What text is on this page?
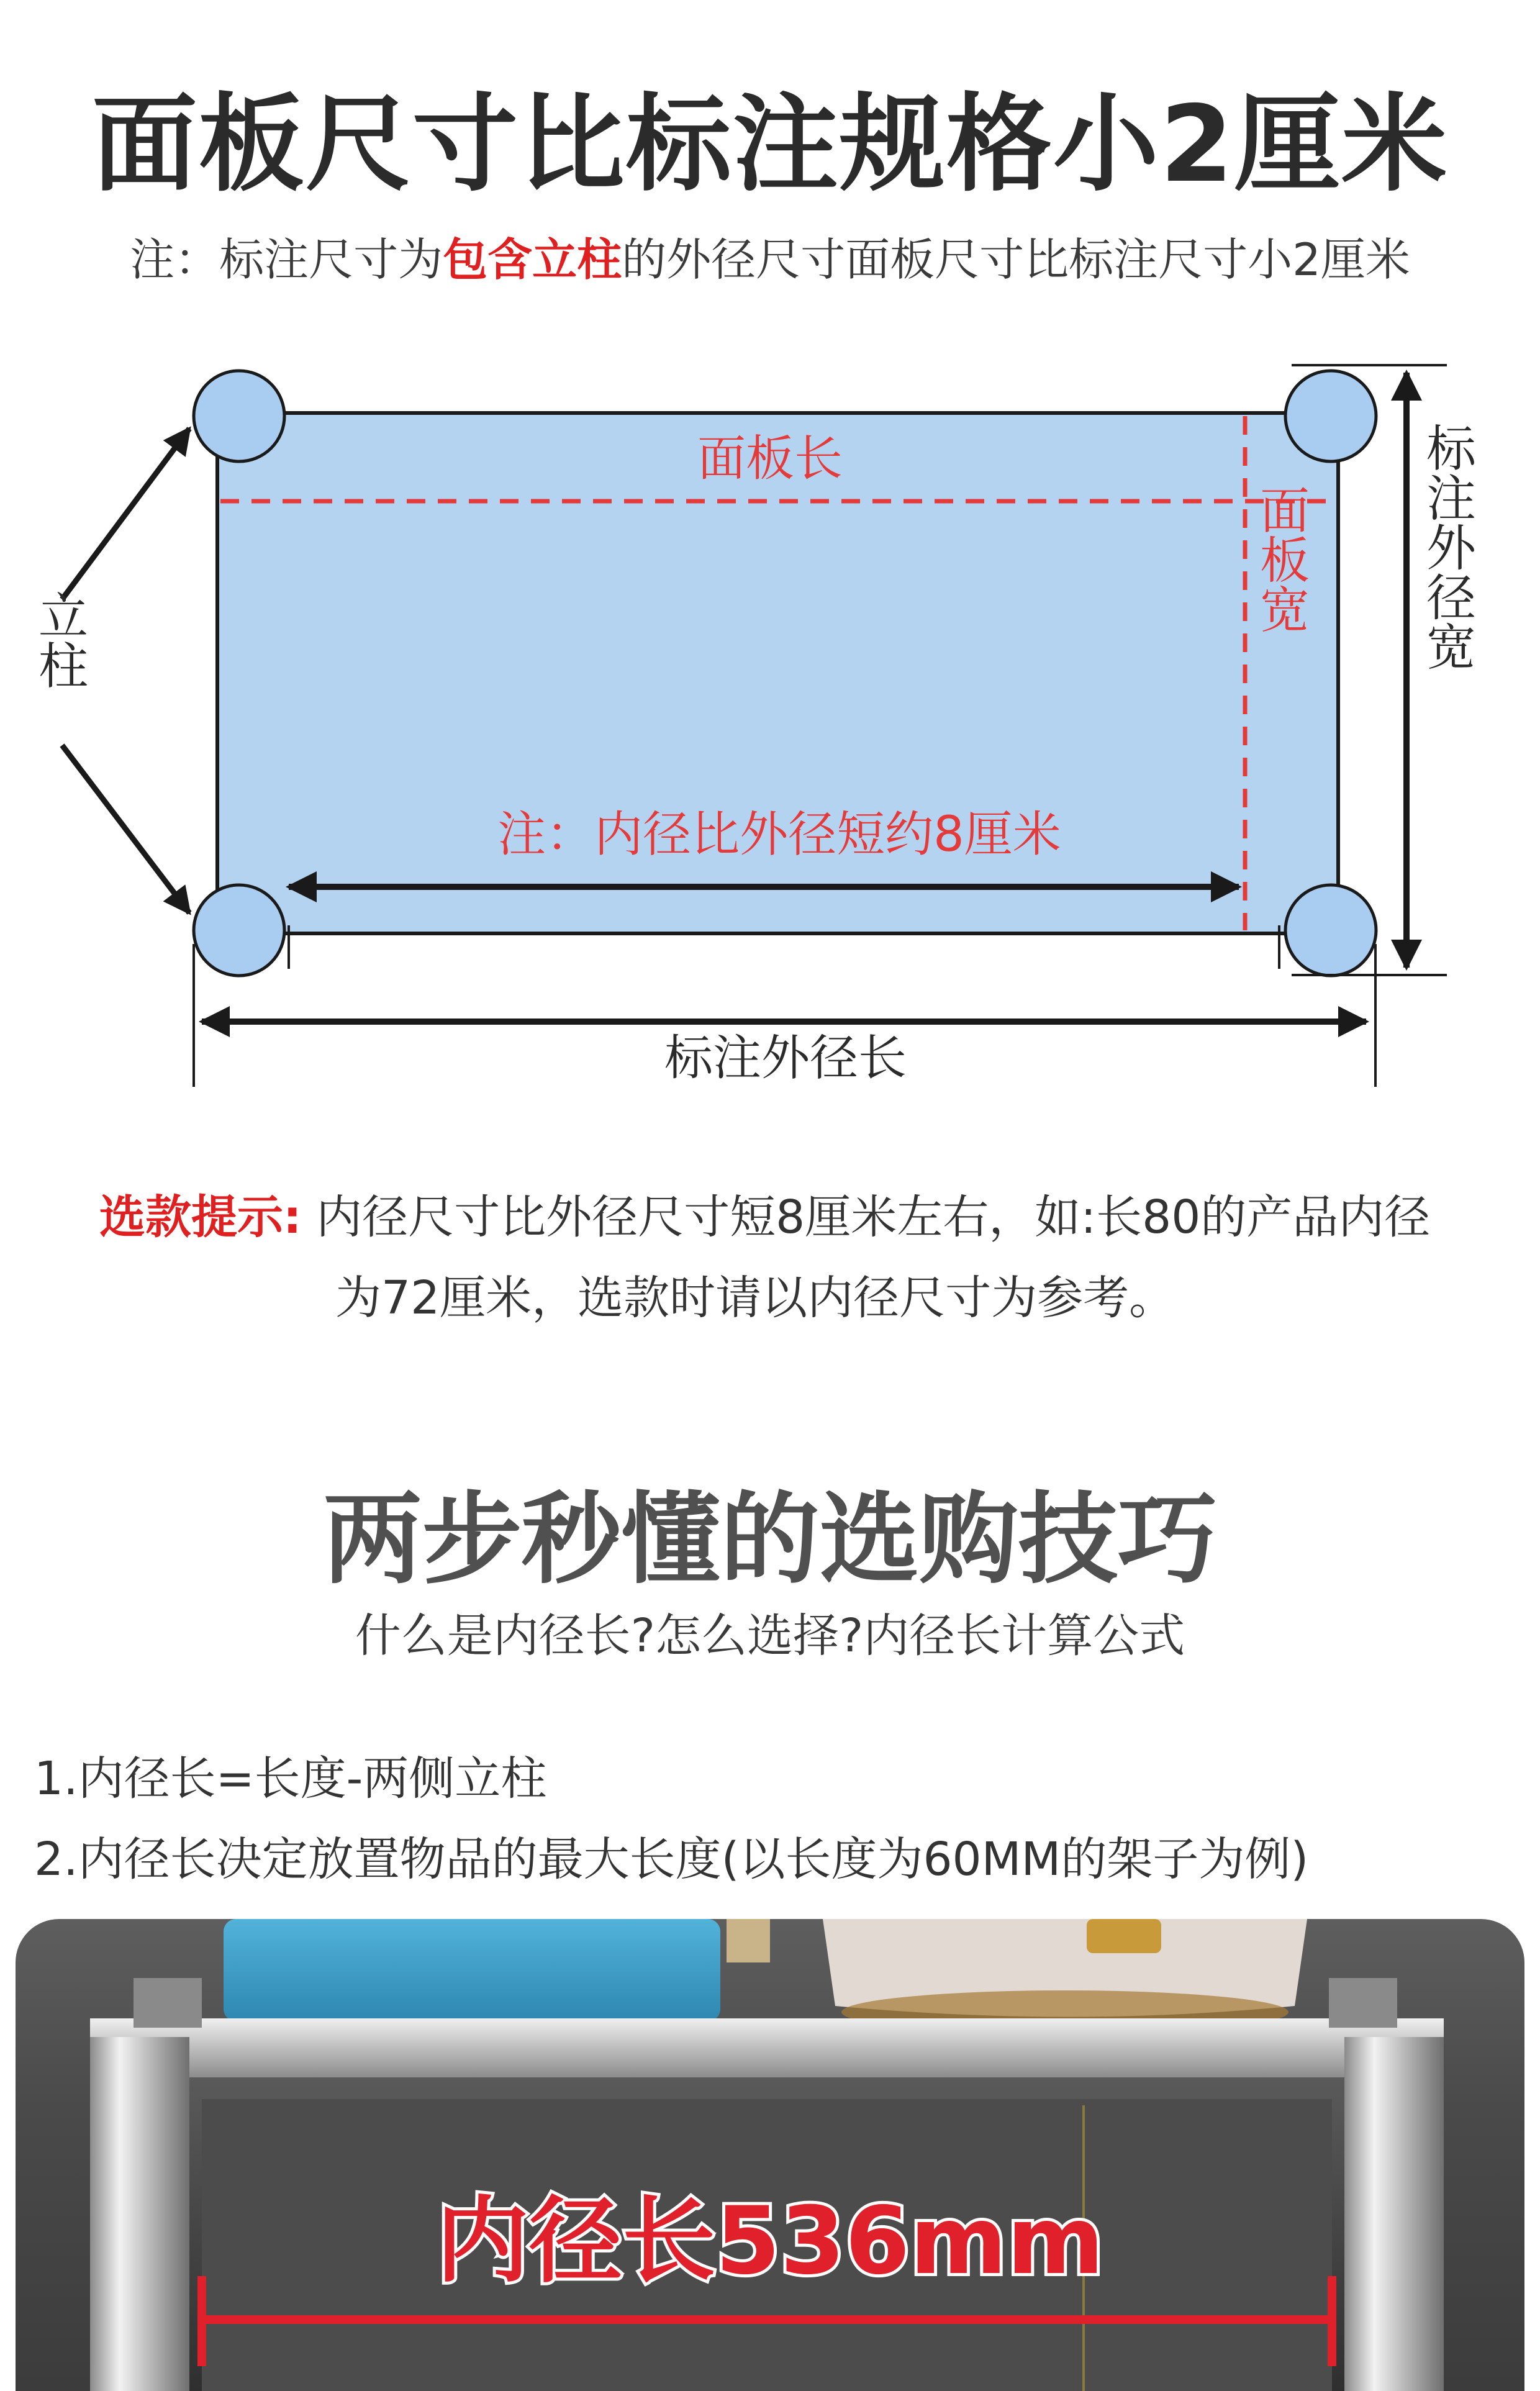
面板尺寸比标注规格小2厘米
注：标注尺寸为包含立柱的外径尺寸面板尺寸比标注尺寸小2厘米
面板长
注：内径比外径短约8厘米
标注外径长
面板宽 标注外径宽
立柱
选款提示: 内径尺寸比外径尺寸短8厘米左右，如:长80的产品内径
为72厘米，选款时请以内径尺寸为参考。
两步秒懂的选购技巧
什么是内径长?怎么选择?内径长计算公式
1.内径长=长度-两侧立柱
2.内径长决定放置物品的最大长度(以长度为60MM的架子为例)
内径长536mm
